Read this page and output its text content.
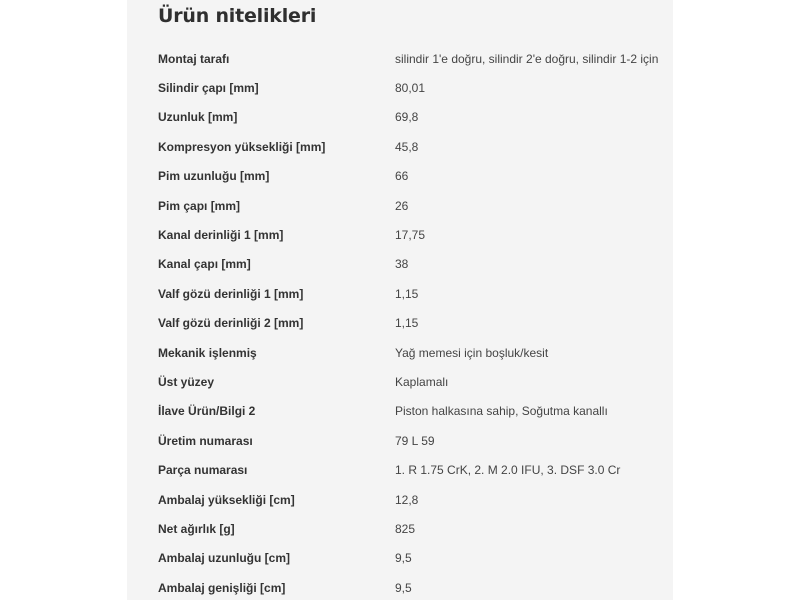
Ürün nitelikleri
Montaj tarafı	silindir 1'e doğru, silindir 2'e doğru, silindir 1-2 için
Silindir çapı [mm]	80,01
Uzunluk [mm]	69,8
Kompresyon yüksekliği [mm]	45,8
Pim uzunluğu [mm]	66
Pim çapı [mm]	26
Kanal derinliği 1 [mm]	17,75
Kanal çapı [mm]	38
Valf gözü derinliği 1 [mm]	1,15
Valf gözü derinliği 2 [mm]	1,15
Mekanik işlenmiş	Yağ memesi için boşluk/kesit
Üst yüzey	Kaplamalı
İlave Ürün/Bilgi 2	Piston halkasına sahip, Soğutma kanallı
Üretim numarası	79 L 59
Parça numarası	1. R 1.75 CrK, 2. M 2.0 IFU, 3. DSF 3.0 Cr
Ambalaj yüksekliği [cm]	12,8
Net ağırlık [g]	825
Ambalaj uzunluğu [cm]	9,5
Ambalaj genişliği [cm]	9,5
